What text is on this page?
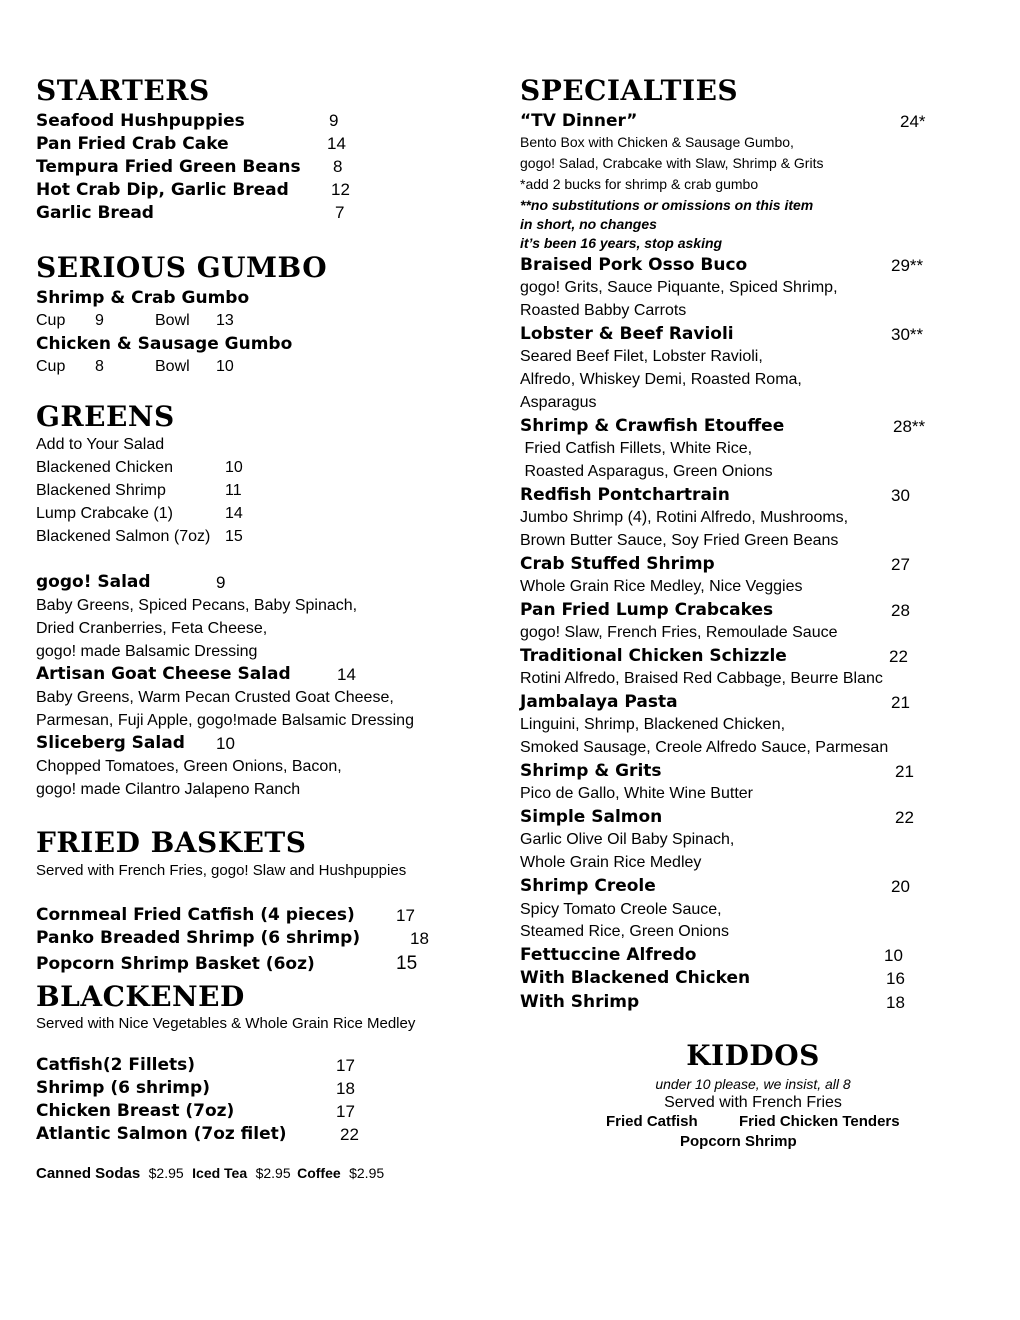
STARTERS
Seafood Hushpuppies	9
Pan Fried Crab Cake	14
Tempura Fried Green Beans 8
Hot Crab Dip, Garlic Bread 12
Garlic Bread	7
SERIOUS GUMBO
Shrimp & Crab Gumbo
Cup 9	Bowl 13
Chicken & Sausage Gumbo
Cup 8	Bowl 10
GREENS
Add to Your Salad
Blackened Chicken	10
Blackened Shrimp	11
Lump Crabcake (1)	14
Blackened Salmon (7oz) 15
gogo! Salad	9
Baby Greens, Spiced Pecans, Baby Spinach,
Dried Cranberries, Feta Cheese,
gogo! made Balsamic Dressing
Artisan Goat Cheese Salad	14
Baby Greens, Warm Pecan Crusted Goat Cheese,
Parmesan, Fuji Apple, gogo!made Balsamic Dressing
Sliceberg Salad 10
Chopped Tomatoes, Green Onions, Bacon,
gogo! made Cilantro Jalapeno Ranch
FRIED BASKETS
Served with French Fries, gogo! Slaw and Hushpuppies
Cornmeal Fried Catfish (4 pieces) 17
Panko Breaded Shrimp (6 shrimp)	18
Popcorn Shrimp Basket (6oz)	15
BLACKENED
Served with Nice Vegetables & Whole Grain Rice Medley
Catfish(2 Fillets)	17
Shrimp (6 shrimp)	18
Chicken Breast (7oz)	17
Atlantic Salmon (7oz filet)	22
Canned Sodas $2.95 Iced Tea $2.95 Coffee $2.95
SPECIALTIES
“TV Dinner”	24*
Bento Box with Chicken & Sausage Gumbo,
gogo! Salad, Crabcake with Slaw, Shrimp & Grits
*add 2 bucks for shrimp & crab gumbo
**no substitutions or omissions on this item
in short, no changes
it’s been 16 years, stop asking
Braised Pork Osso Buco	29**
gogo! Grits, Sauce Piquante, Spiced Shrimp,
Roasted Babby Carrots
Lobster & Beef Ravioli	30**
Seared Beef Filet, Lobster Ravioli,
Alfredo, Whiskey Demi, Roasted Roma,
Asparagus
Shrimp & Crawfish Etouffee	28**
Fried Catfish Fillets, White Rice,
Roasted Asparagus, Green Onions
Redfish Pontchartrain	30
Jumbo Shrimp (4), Rotini Alfredo, Mushrooms,
Brown Butter Sauce, Soy Fried Green Beans
Crab Stuffed Shrimp	27
Whole Grain Rice Medley, Nice Veggies
Pan Fried Lump Crabcakes	28
gogo! Slaw, French Fries, Remoulade Sauce
Traditional Chicken Schizzle	22
Rotini Alfredo, Braised Red Cabbage, Beurre Blanc
Jambalaya Pasta	21
Linguini, Shrimp, Blackened Chicken,
Smoked Sausage, Creole Alfredo Sauce, Parmesan
Shrimp & Grits	21
Pico de Gallo, White Wine Butter
Simple Salmon	22
Garlic Olive Oil Baby Spinach,
Whole Grain Rice Medley
Shrimp Creole	20
Spicy Tomato Creole Sauce,
Steamed Rice, Green Onions
Fettuccine Alfredo	10
With Blackened Chicken	16
With Shrimp	18
KIDDOS
under 10 please, we insist, all 8
Served with French Fries
Fried Catfish	Fried Chicken Tenders
Popcorn Shrimp
